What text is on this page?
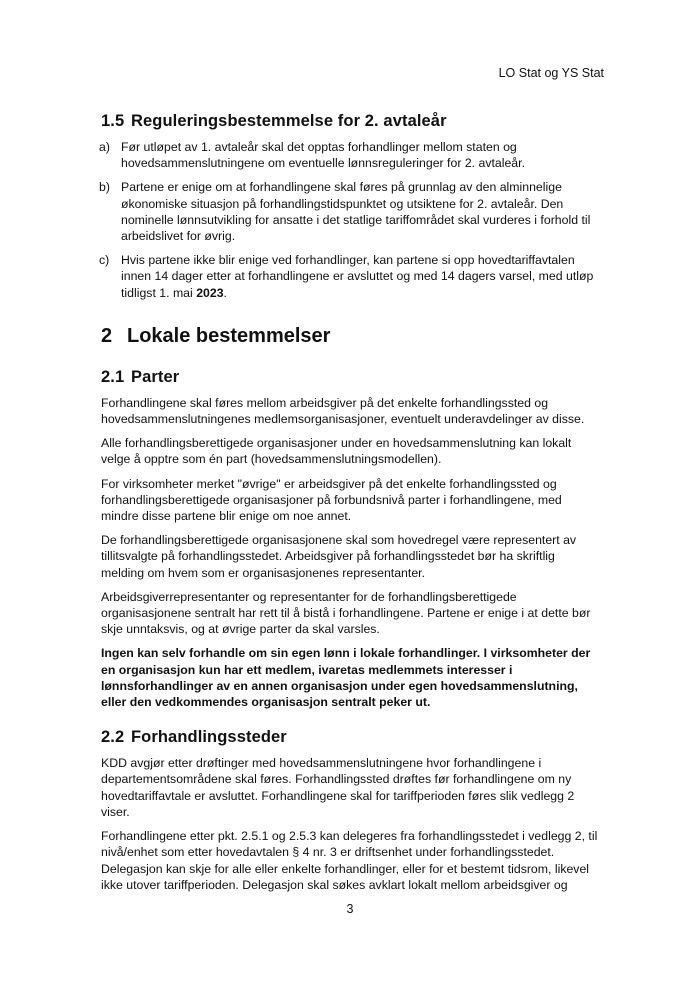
LO Stat og YS Stat
1.5 Reguleringsbestemmelse for 2. avtaleår
a) Før utløpet av 1. avtaleår skal det opptas forhandlinger mellom staten og hovedsammenslutningene om eventuelle lønnsreguleringer for 2. avtaleår.
b) Partene er enige om at forhandlingene skal føres på grunnlag av den alminnelige økonomiske situasjon på forhandlingstidspunktet og utsiktene for 2. avtaleår. Den nominelle lønnsutvikling for ansatte i det statlige tariffområdet skal vurderes i forhold til arbeidslivet for øvrig.
c) Hvis partene ikke blir enige ved forhandlinger, kan partene si opp hovedtariffavtalen innen 14 dager etter at forhandlingene er avsluttet og med 14 dagers varsel, med utløp tidligst 1. mai 2023.
2 Lokale bestemmelser
2.1 Parter

Forhandlingene skal føres mellom arbeidsgiver på det enkelte forhandlingssted og hovedsammenslutningenes medlemsorganisasjoner, eventuelt underavdelinger av disse.

Alle forhandlingsberettigede organisasjoner under en hovedsammenslutning kan lokalt velge å opptre som én part (hovedsammenslutningsmodellen).

For virksomheter merket "øvrige" er arbeidsgiver på det enkelte forhandlingssted og forhandlingsberettigede organisasjoner på forbundsnivå parter i forhandlingene, med mindre disse partene blir enige om noe annet.

De forhandlingsberettigede organisasjonene skal som hovedregel være representert av tillitsvalgte på forhandlingsstedet. Arbeidsgiver på forhandlingsstedet bør ha skriftlig melding om hvem som er organisasjonenes representanter.

Arbeidsgiverrepresentanter og representanter for de forhandlingsberettigede organisasjonene sentralt har rett til å bistå i forhandlingene. Partene er enige i at dette bør skje unntaksvis, og at øvrige parter da skal varsles.

Ingen kan selv forhandle om sin egen lønn i lokale forhandlinger. I virksomheter der en organisasjon kun har ett medlem, ivaretas medlemmets interesser i lønnsforhandlinger av en annen organisasjon under egen hovedsammenslutning, eller den vedkommendes organisasjon sentralt peker ut.

2.2 Forhandlingssteder

KDD avgjør etter drøftinger med hovedsammenslutningene hvor forhandlingene i departementsområdene skal føres. Forhandlingssted drøftes før forhandlingene om ny hovedtariffavtale er avsluttet. Forhandlingene skal for tariffperioden føres slik vedlegg 2 viser.

Forhandlingene etter pkt. 2.5.1 og 2.5.3 kan delegeres fra forhandlingsstedet i vedlegg 2, til nivå/enhet som etter hovedavtalen § 4 nr. 3 er driftsenhet under forhandlingsstedet. Delegasjon kan skje for alle eller enkelte forhandlinger, eller for et bestemt tidsrom, likevel ikke utover tariffperioden. Delegasjon skal søkes avklart lokalt mellom arbeidsgiver og

3
